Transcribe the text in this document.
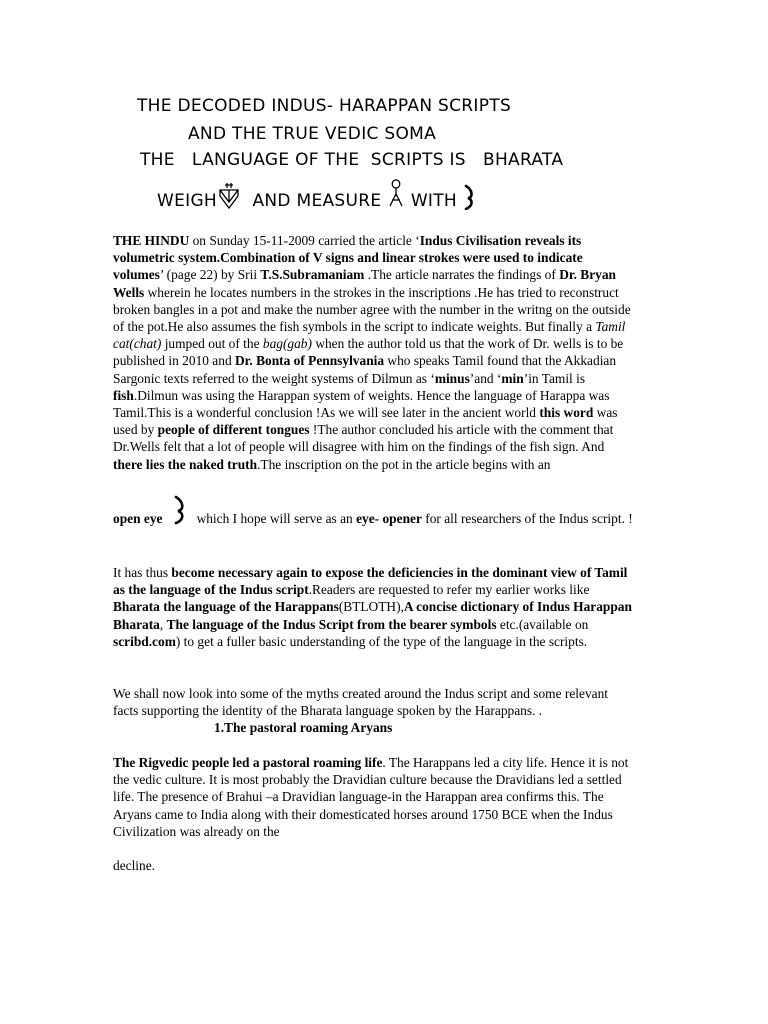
THE DECODED INDUS- HARAPPAN SCRIPTS
AND THE TRUE VEDIC SOMA
THE   LANGUAGE OF THE  SCRIPTS IS   BHARATA
WEIGH  AND MEASURE  WITH

THE HINDU on Sunday 15-11-2009 carried the article ‘Indus Civilisation reveals its volumetric system.Combination of V signs and linear strokes were used to indicate volumes’ (page 22) by Srii T.S.Subramaniam .The article narrates the findings of Dr. Bryan Wells wherein he locates numbers in the strokes in the inscriptions .He has tried to reconstruct broken bangles in a pot and make the number agree with the number in the writng on the outside of the pot.He also assumes the fish symbols in the script to indicate weights. But finally a Tamil cat(chat) jumped out of the bag(gab) when the author told us that the work of Dr. wells is to be published in 2010 and Dr. Bonta of Pennsylvania who speaks Tamil found that the Akkadian Sargonic texts referred to the weight systems of Dilmun as ‘minus’and ‘min’in Tamil is fish.Dilmun was using the Harappan system of weights. Hence the language of Harappa was Tamil.This is a wonderful conclusion !As we will see later in the ancient world this word was used by people of different tongues !The author concluded his article with the comment that Dr.Wells felt that a lot of people will disagree with him on the findings of the fish sign. And there lies the naked truth.The inscription on the pot in the article begins with an

open eye      which I hope will serve as an eye- opener for all researchers of the Indus script. !

It has thus become necessary again to expose the deficiencies in the dominant view of Tamil as the language of the Indus script.Readers are requested to refer my earlier works like Bharata the language of the Harappans(BTLOTH),A concise dictionary of Indus Harappan Bharata, The language of the Indus Script from the bearer symbols etc.(available on scribd.com) to get a fuller basic understanding of the type of the language in the scripts.

We shall now look into some of the myths created around the Indus script and some relevant facts supporting the identity of the Bharata language spoken by the Harappans. .

1.The pastoral roaming Aryans

The Rigvedic people led a pastoral roaming life. The Harappans led a city life. Hence it is not the vedic culture. It is most probably the Dravidian culture because the Dravidians led a settled life. The presence of Brahui –a Dravidian language-in the Harappan area confirms this. The Aryans came to India along with their domesticated horses around 1750 BCE when the Indus Civilization was already on the

decline.
